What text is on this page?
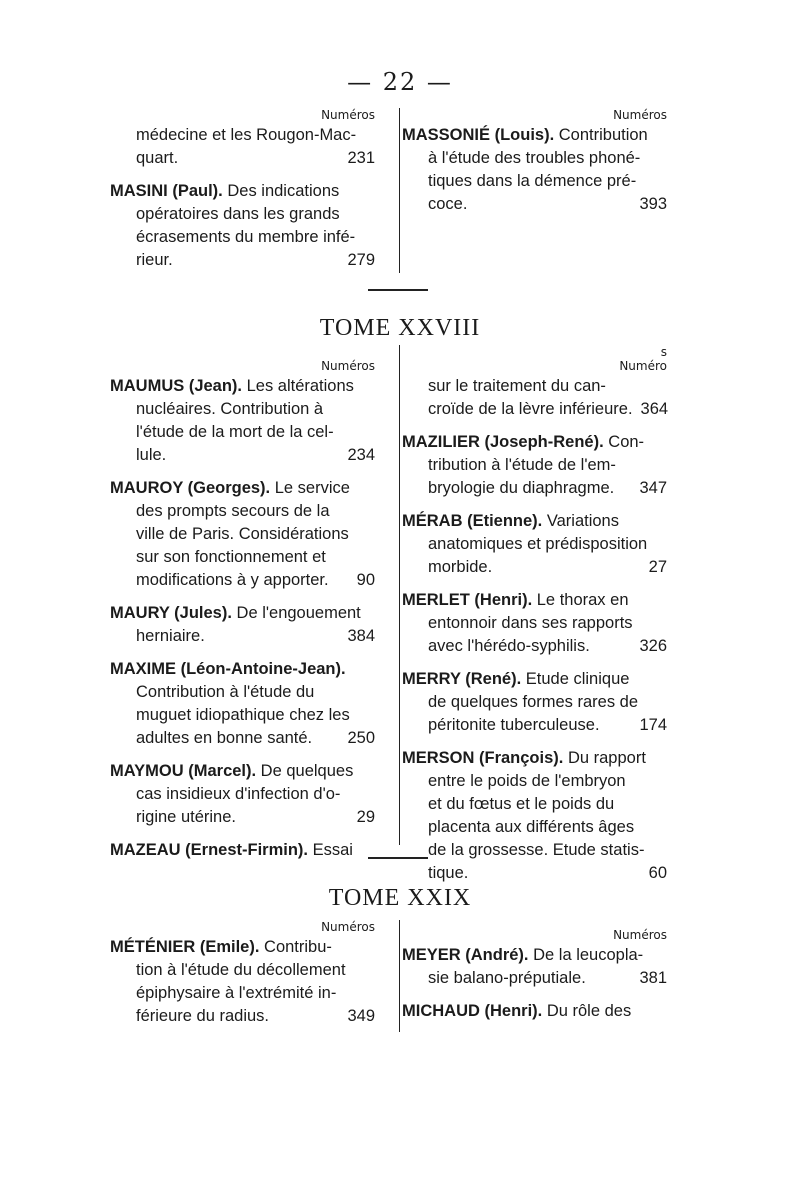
— 22 —
Numéros
médecine et les Rougon-Mac-
quart.	231
MASINI (Paul). Des indications
opératoires dans les grands
écrasements du membre infé-
rieur.	279
Numéros
MASSONIÉ (Louis). Contribution
à l'étude des troubles phoné-
tiques dans la démence pré-
coce.	393
TOME XXVIII
Numéros
MAUMUS (Jean). Les altérations
nucléaires. Contribution à
l'étude de la mort de la cel-
lule.	234
MAUROY (Georges). Le service
des prompts secours de la
ville de Paris. Considérations
sur son fonctionnement et
modifications à y apporter.	90
MAURY (Jules). De l'engouement
herniaire.	384
MAXIME (Léon-Antoine-Jean).
Contribution à l'étude du
muguet idiopathique chez les
adultes en bonne santé.	250
MAYMOU (Marcel). De quelques
cas insidieux d'infection d'o-
rigine utérine.	29
MAZEAU (Ernest-Firmin). Essai
s
Numéro
sur le traitement du can-
croïde de la lèvre inférieure. 364
MAZILIER (Joseph-René). Con-
tribution à l'étude de l'em-
bryologie du diaphragme.	347
MÉRAB (Etienne). Variations
anatomiques et prédisposition
morbide.	27
MERLET (Henri). Le thorax en
entonnoir dans ses rapports
avec l'hérédo-syphilis.	326
MERRY (René). Etude clinique
de quelques formes rares de
péritonite tuberculeuse.	174
MERSON (François). Du rapport
entre le poids de l'embryon
et du fœtus et le poids du
placenta aux différents âges
de la grossesse. Etude statis-
tique.	60
TOME XXIX
Numéros
MÉTÉNIER (Emile). Contribu-
tion à l'étude du décollement
épiphysaire à l'extrémité in-
férieure du radius.	349
Numéros
MEYER (André). De la leucopla-
sie balano-préputiale.	381
MICHAUD (Henri). Du rôle des
